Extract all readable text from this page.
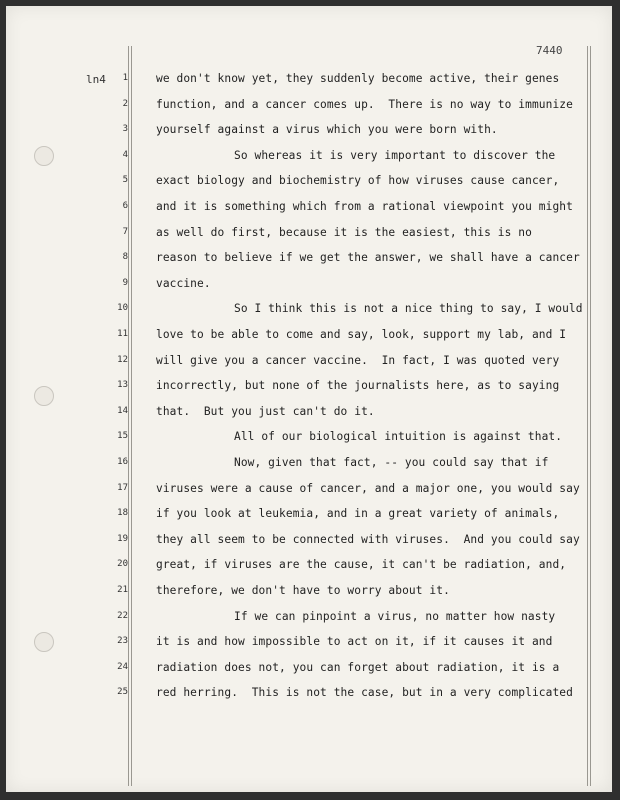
7440
ln4	1	we don't know yet, they suddenly become active, their genes
2	function, and a cancer comes up.  There is no way to immunize
3	yourself against a virus which you were born with.
4	So whereas it is very important to discover the
5	exact biology and biochemistry of how viruses cause cancer,
6	and it is something which from a rational viewpoint you might
7	as well do first, because it is the easiest, this is no
8	reason to believe if we get the answer, we shall have a cancer
9	vaccine.
10	So I think this is not a nice thing to say, I would
11	love to be able to come and say, look, support my lab, and I
12	will give you a cancer vaccine.  In fact, I was quoted very
13	incorrectly, but none of the journalists here, as to saying
14	that.  But you just can't do it.
15	All of our biological intuition is against that.
16	Now, given that fact, -- you could say that if
17	viruses were a cause of cancer, and a major one, you would say
18	if you look at leukemia, and in a great variety of animals,
19	they all seem to be connected with viruses.  And you could say
20	great, if viruses are the cause, it can't be radiation, and,
21	therefore, we don't have to worry about it.
22	If we can pinpoint a virus, no matter how nasty
23	it is and how impossible to act on it, if it causes it and
24	radiation does not, you can forget about radiation, it is a
25	red herring.  This is not the case, but in a very complicated
